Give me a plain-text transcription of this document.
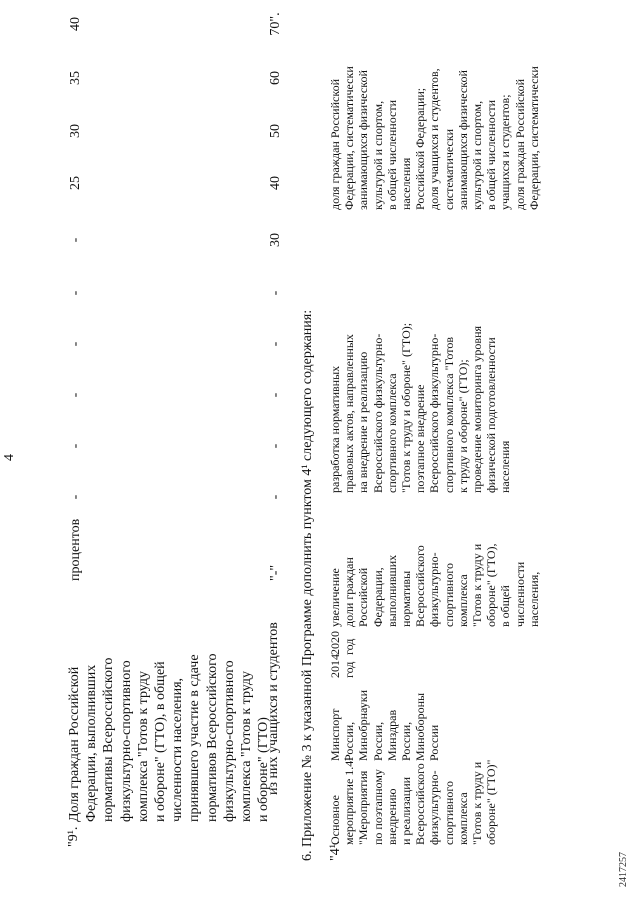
4
"9¹.
Доля граждан Российской Федерации, выполнивших нормативы Всероссийского физкультурно-спортивного комплекса "Готов к труду и обороне" (ГТО), в общей численности населения, принявшего участие в сдаче нормативов Всероссийского физкультурно-спортивного комплекса "Готов к труду и обороне" (ГТО)
процентов
-
-
-
-
-
-
25
30
35
40
из них учащихся и студентов
"-"
-
-
-
-
-
30
40
50
60
70".
6. Приложение № 3 к указанной Программе дополнить пунктом 4¹ следующего содержания: "4¹.
Основное мероприятие 1.4¹ "Мероприятия по поэтапному внедрению и реализации Всероссийского физкультурно- спортивного комплекса "Готов к труду и обороне" (ГТО)"
Минспорт России, Минобрнауки России, Минздрав России, Минобороны России
2014 год
2020 год
увеличение доли граждан Российской Федерации, выполнивших нормативы Всероссийского физкультурно- спортивного комплекса "Готов к труду и обороне" (ГТО), в общей численности населения,
разработка нормативных правовых актов, направленных на внедрение и реализацию Всероссийского физкультурно- спортивного комплекса "Готов к труду и обороне" (ГТО); поэтапное внедрение Всероссийского физкультурно- спортивного комплекса "Готов к труду и обороне" (ГТО); проведение мониторинга уровня физической подготовленности населения
доля граждан Российской Федерации, систематически занимающихся физической культурой и спортом, в общей численности населения Российской Федерации; доля учащихся и студентов, систематически занимающихся физической культурой и спортом, в общей численности учащихся и студентов; доля граждан Российской Федерации, систематически
2417257
